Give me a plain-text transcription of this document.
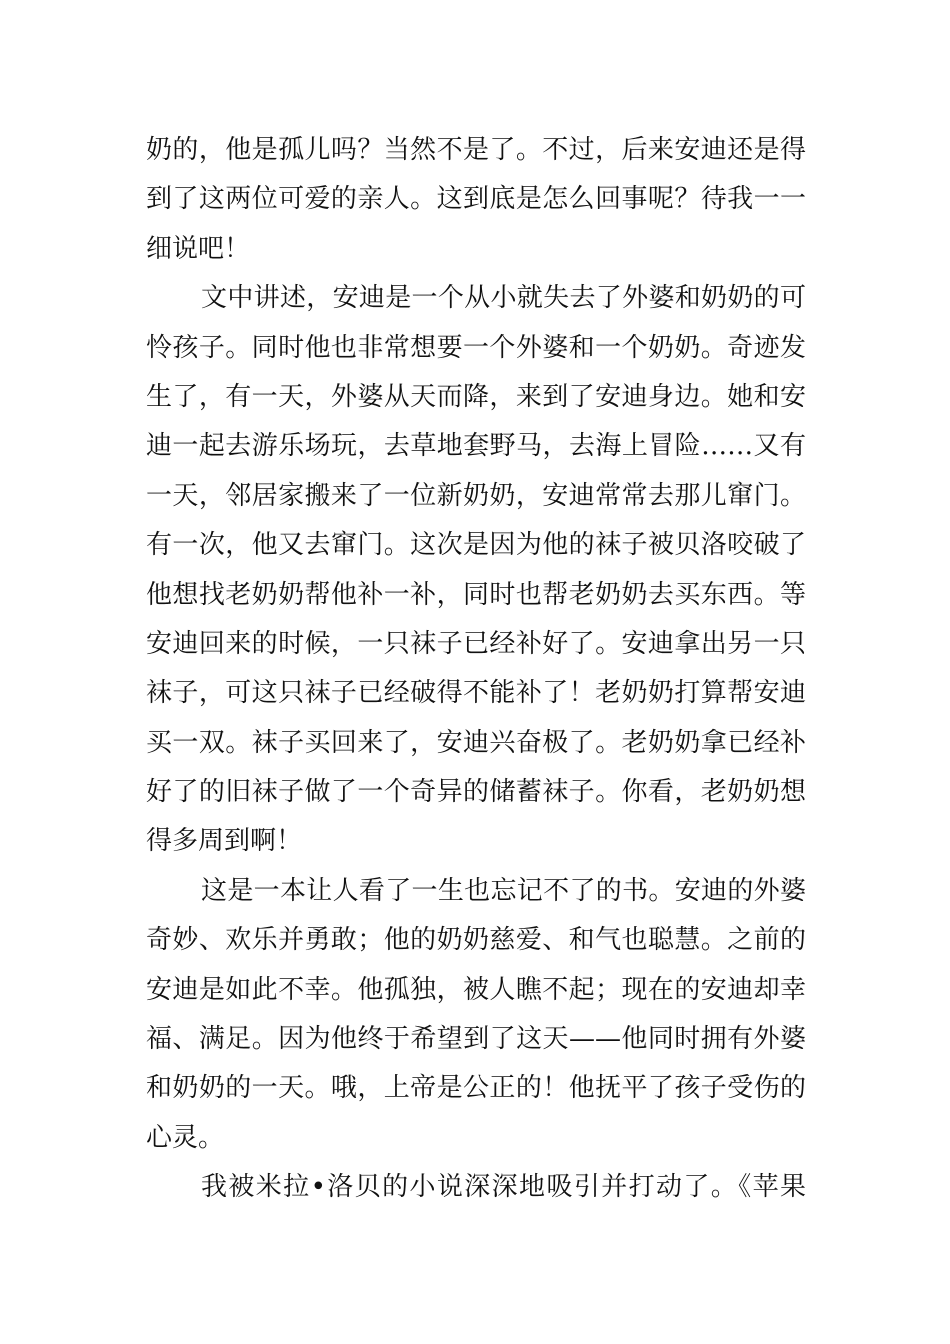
奶的，他是孤儿吗？当然不是了。不过，后来安迪还是得
到了这两位可爱的亲人。这到底是怎么回事呢？待我一一
细说吧！
文中讲述，安迪是一个从小就失去了外婆和奶奶的可
怜孩子。同时他也非常想要一个外婆和一个奶奶。奇迹发
生了，有一天，外婆从天而降，来到了安迪身边。她和安
迪一起去游乐场玩，去草地套野马，去海上冒险……又有
一天，邻居家搬来了一位新奶奶，安迪常常去那儿窜门。
有一次，他又去窜门。这次是因为他的袜子被贝洛咬破了
他想找老奶奶帮他补一补，同时也帮老奶奶去买东西。等
安迪回来的时候，一只袜子已经补好了。安迪拿出另一只
袜子，可这只袜子已经破得不能补了！老奶奶打算帮安迪
买一双。袜子买回来了，安迪兴奋极了。老奶奶拿已经补
好了的旧袜子做了一个奇异的储蓄袜子。你看，老奶奶想
得多周到啊！
这是一本让人看了一生也忘记不了的书。安迪的外婆
奇妙、欢乐并勇敢；他的奶奶慈爱、和气也聪慧。之前的
安迪是如此不幸。他孤独，被人瞧不起；现在的安迪却幸
福、满足。因为他终于希望到了这天——他同时拥有外婆
和奶奶的一天。哦，上帝是公正的！他抚平了孩子受伤的
心灵。
我被米拉•洛贝的小说深深地吸引并打动了。《苹果
